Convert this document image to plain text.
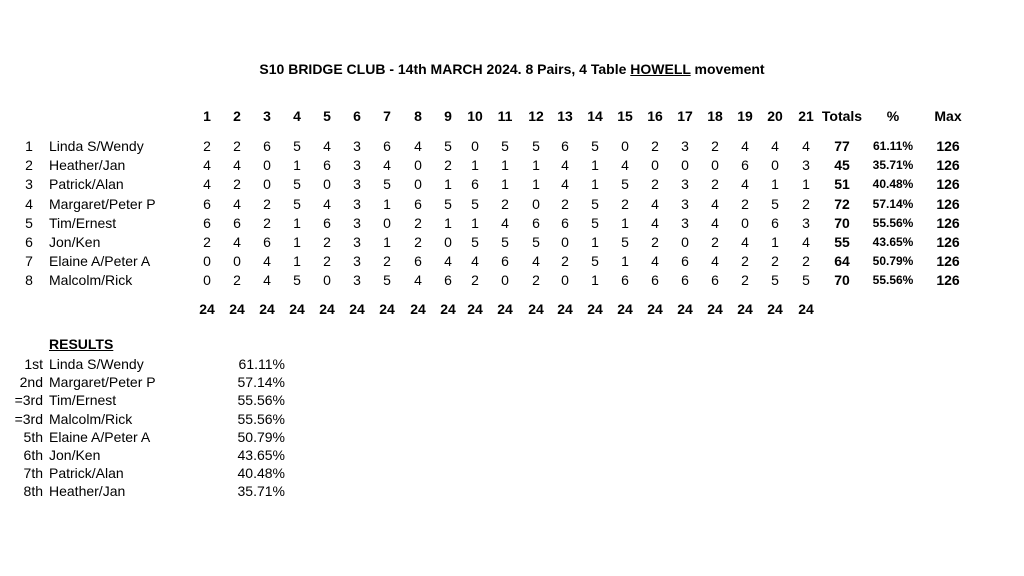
S10 BRIDGE CLUB - 14th MARCH 2024. 8 Pairs, 4 Table HOWELL movement
1 2 3 4 5 6 7 8 9 10 11 12 13 14 15 16 17 18 19 20 21 Totals %	Max
1 Linda S/Wendy	2 2 6 5 4 3 6 4 5 0 5 5 6 5 0 2 3 2 4 4 4 77 61.11% 126
2 Heather/Jan	4 4 0 1 6 3 4 0 2 1 1 1 4 1 4 0 0 0 6 0 3 45 35.71% 126
3 Patrick/Alan	4 2 0 5 0 3 5 0 1 6 1 1 4 1 5 2 3 2 4 1 1 51 40.48% 126
4 Margaret/Peter P	6 4 2 5 4 3 1 6 5 5 2 0 2 5 2 4 3 4 2 5 2 72 57.14% 126
5 Tim/Ernest	6 6 2 1 6 3 0 2 1 1 4 6 6 5 1 4 3 4 0 6 3 70 55.56% 126
6 Jon/Ken	2 4 6 1 2 3 1 2 0 5 5 5 0 1 5 2 0 2 4 1 4 55 43.65% 126
7 Elaine A/Peter A	0 0 4 1 2 3 2 6 4 4 6 4 2 5 1 4 6 4 2 2 2 64 50.79% 126
8 Malcolm/Rick	0 2 4 5 0 3 5 4 6 2 0 2 0 1 6 6 6 6 2 5 5 70 55.56% 126
24 24 24 24 24 24 24 24 24 24 24 24 24 24 24 24 24 24 24 24 24
RESULTS
1st Linda S/Wendy	61.11%
2nd Margaret/Peter P	57.14%
=3rd Tim/Ernest	55.56%
=3rd Malcolm/Rick	55.56%
5th Elaine A/Peter A	50.79%
6th Jon/Ken	43.65%
7th Patrick/Alan	40.48%
8th Heather/Jan	35.71%
